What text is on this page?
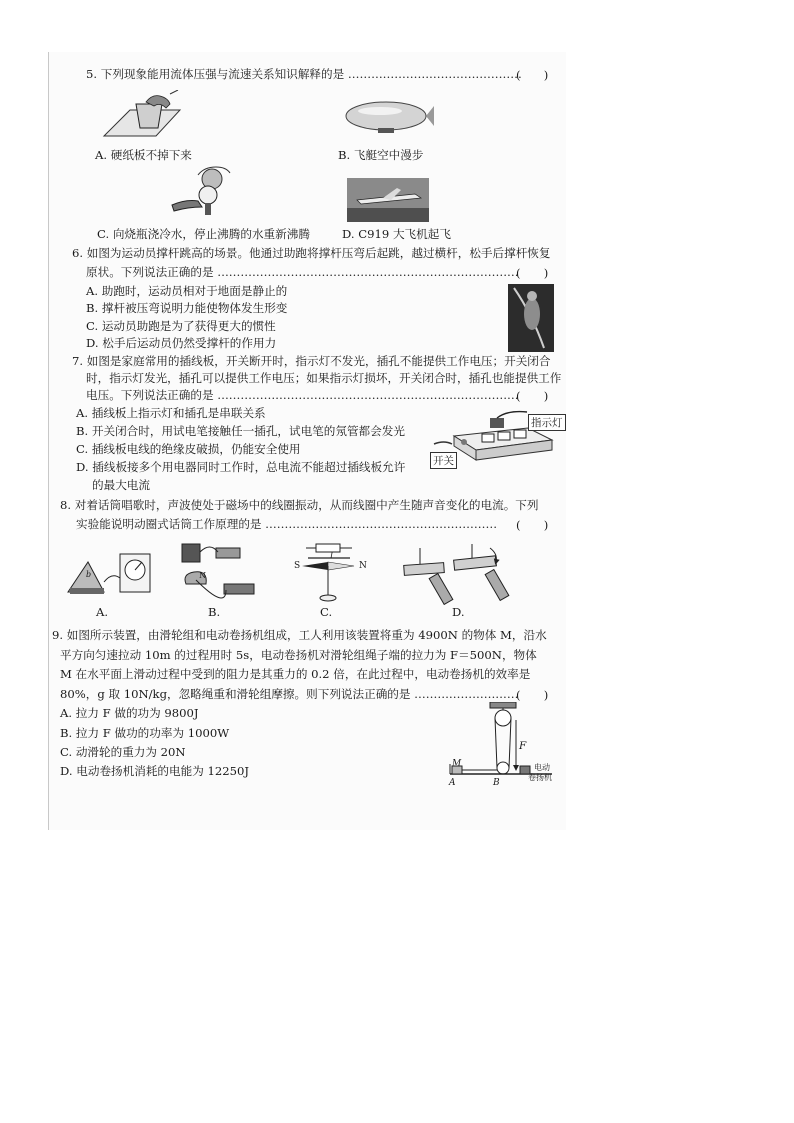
5. 下列现象能用流体压强与流速关系知识解释的是 ………………………………………
(　　)
A. 硬纸板不掉下来	B. 飞艇空中漫步
C. 向烧瓶浇冷水，停止沸腾的水重新沸腾	D. C919 大飞机起飞
6. 如图为运动员撑杆跳高的场景。他通过助跑将撑杆压弯后起跳，越过横杆，松手后撑杆恢复
原状。下列说法正确的是 ……………………………………………………………………
(　　)
A. 助跑时，运动员相对于地面是静止的
B. 撑杆被压弯说明力能使物体发生形变
C. 运动员助跑是为了获得更大的惯性
D. 松手后运动员仍然受撑杆的作用力
7. 如图是家庭常用的插线板，开关断开时，指示灯不发光，插孔不能提供工作电压；开关闭合
时，指示灯发光，插孔可以提供工作电压；如果指示灯损坏，开关闭合时，插孔也能提供工作
电压。下列说法正确的是 ……………………………………………………………………
(　　)
A. 插线板上指示灯和插孔是串联关系
B. 开关闭合时，用试电笔接触任一插孔，试电笔的氖管都会发光
C. 插线板电线的绝缘皮破损，仍能安全使用
D. 插线板接多个用电器同时工作时，总电流不能超过插线板允许
的最大电流
指示灯
开关
8. 对着话筒唱歌时，声波使处于磁场中的线圈振动，从而线圈中产生随声音变化的电流。下列
实验能说明动圈式话筒工作原理的是 …………………………………………………… (　　)
b
A.
N
B.
S	N
I
C.	D.
9. 如图所示装置，由滑轮组和电动卷扬机组成，工人利用该装置将重为 4900N 的物体 M，沿水
平方向匀速拉动 10m 的过程用时 5s，电动卷扬机对滑轮组绳子端的拉力为 F＝500N，物体
M 在水平面上滑动过程中受到的阻力是其重力的 0.2 倍，在此过程中，电动卷扬机的效率是
80%，g 取 10N/kg，忽略绳重和滑轮组摩擦。则下列说法正确的是 ………………………
(　　)
A. 拉力 F 做的功为 9800J
B. 拉力 F 做功的功率为 1000W
C. 动滑轮的重力为 20N
D. 电动卷扬机消耗的电能为 12250J
F
M
A	B
电动
卷扬机
